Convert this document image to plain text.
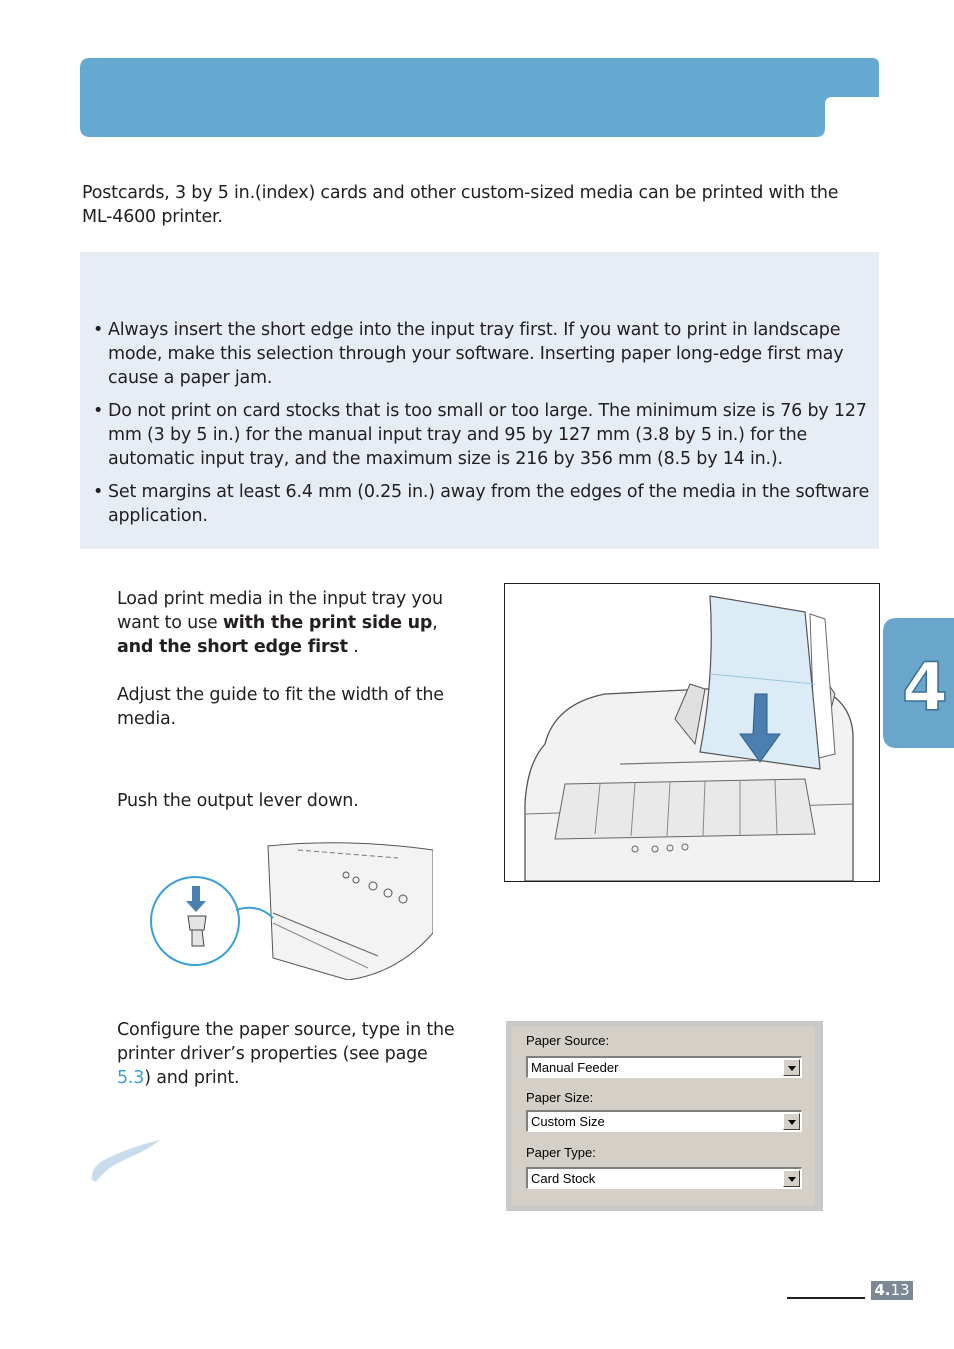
Postcards, 3 by 5 in.(index) cards and other custom-sized media can be printed with the ML-4600 printer.
• Always insert the short edge into the input tray first. If you want to print in landscape mode, make this selection through your software. Inserting paper long-edge first may cause a paper jam.
• Do not print on card stocks that is too small or too large. The minimum size is 76 by 127 mm (3 by 5 in.) for the manual input tray and 95 by 127 mm (3.8 by 5 in.) for the automatic input tray, and the maximum size is 216 by 356 mm (8.5 by 14 in.).
• Set margins at least 6.4 mm (0.25 in.) away from the edges of the media in the software application.
Load print media in the input tray you want to use with the print side up, and the short edge first .
Adjust the guide to fit the width of the media.
Push the output lever down.
Configure the paper source, type in the printer driver’s properties (see page 5.3) and print.
Paper Source:
Manual Feeder
Paper Size:
Custom Size
Paper Type:
Card Stock
4
4.13
